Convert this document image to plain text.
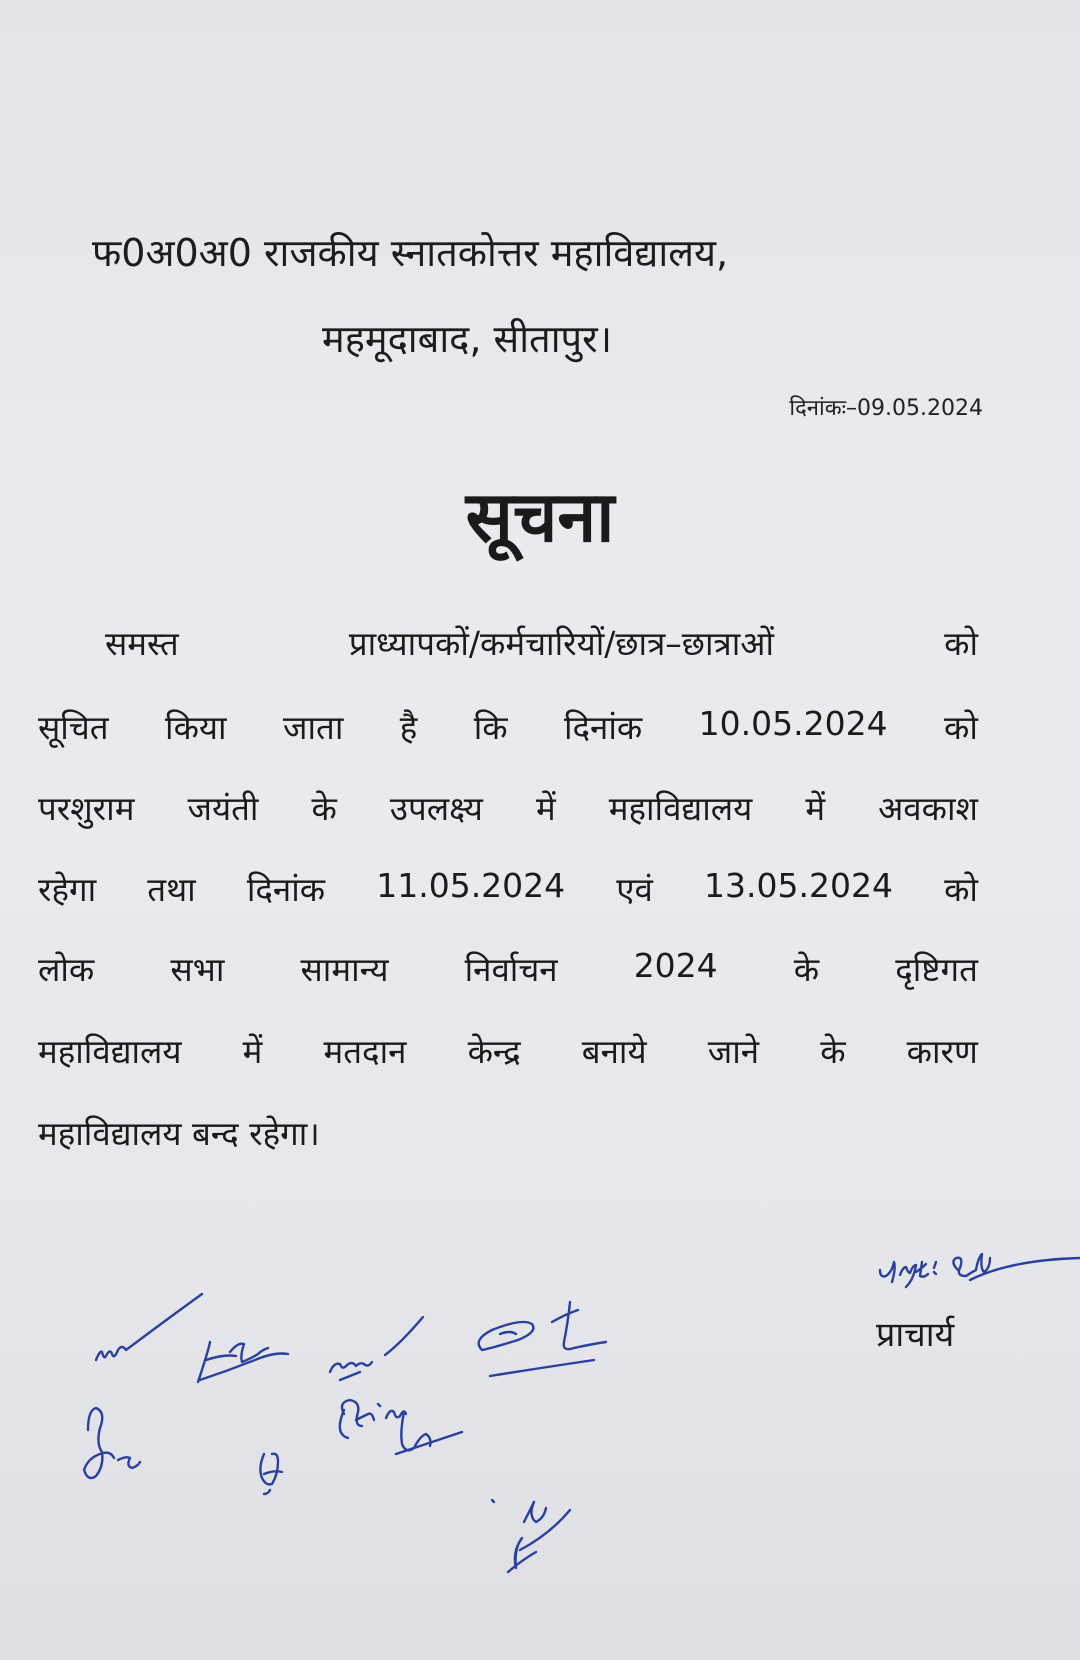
फ0अ0अ0 राजकीय स्नातकोत्तर महाविद्यालय,
महमूदाबाद, सीतापुर।
दिनांकः–09.05.2024
सूचना
समस्त	प्राध्यापकों/कर्मचारियों/छात्र–छात्राओं	को
सूचित किया जाता है कि दिनांक 10.05.2024 को
परशुराम जयंती के उपलक्ष्य में महाविद्यालय में अवकाश
रहेगा तथा दिनांक 11.05.2024 एवं 13.05.2024 को
लोक सभा सामान्य निर्वाचन 2024 के दृष्टिगत
महाविद्यालय में मतदान केन्द्र बनाये जाने के कारण
महाविद्यालय बन्द रहेगा।
प्राचार्य
